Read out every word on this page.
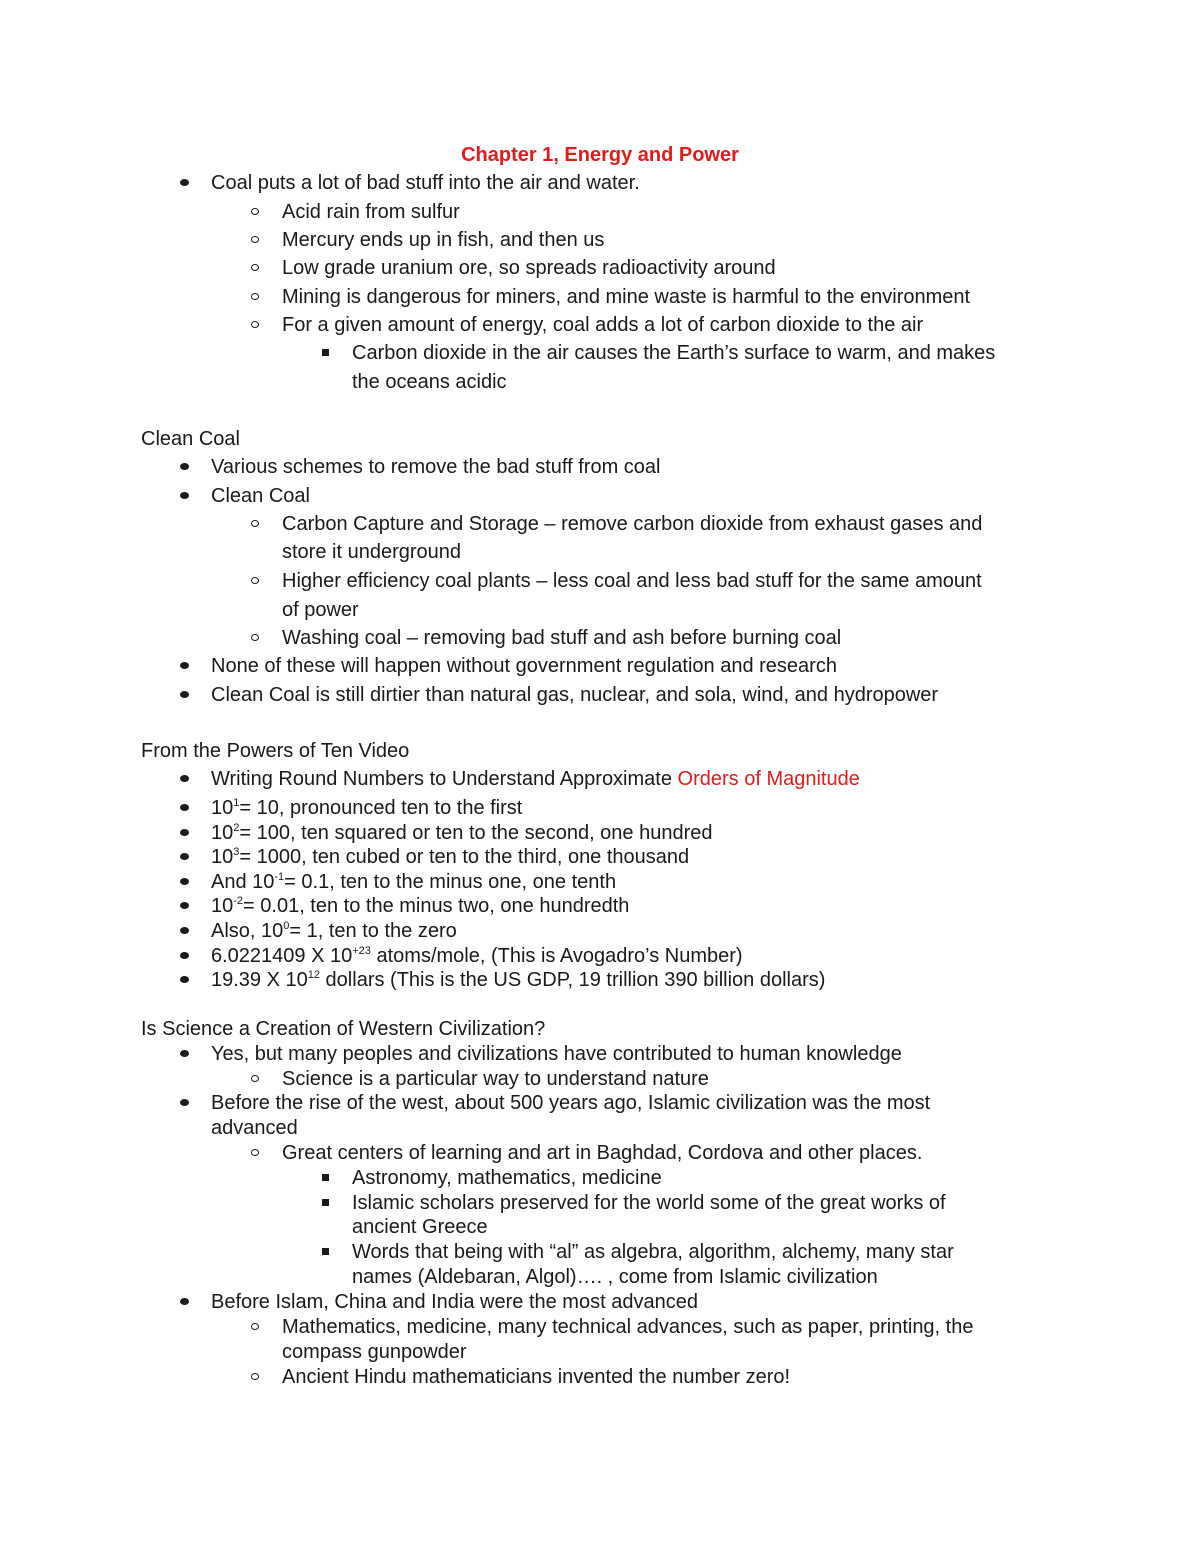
Chapter 1, Energy and Power
Coal puts a lot of bad stuff into the air and water.
Acid rain from sulfur
Mercury ends up in fish, and then us
Low grade uranium ore, so spreads radioactivity around
Mining is dangerous for miners, and mine waste is harmful to the environment
For a given amount of energy, coal adds a lot of carbon dioxide to the air
Carbon dioxide in the air causes the Earth’s surface to warm, and makes
the oceans acidic
Clean Coal
Various schemes to remove the bad stuff from coal
Clean Coal
Carbon Capture and Storage – remove carbon dioxide from exhaust gases and
store it underground
Higher efficiency coal plants – less coal and less bad stuff for the same amount
of power
Washing coal – removing bad stuff and ash before burning coal
None of these will happen without government regulation and research
Clean Coal is still dirtier than natural gas, nuclear, and sola, wind, and hydropower
From the Powers of Ten Video
Writing Round Numbers to Understand Approximate Orders of Magnitude
$10^1= 10$, pronounced ten to the first
$10^2= 100$, ten squared or ten to the second, one hundred
$10^3= 1000$, ten cubed or ten to the third, one thousand
And $10^{-1}= 0.1$, ten to the minus one, one tenth
$10^{-2}= 0.01$, ten to the minus two, one hundredth
Also, $10^0= 1$, ten to the zero
6.0221409 X $10^{+23}$ atoms/mole, (This is Avogadro’s Number)
19.39 X $10^{12}$ dollars (This is the US GDP, 19 trillion 390 billion dollars)
Is Science a Creation of Western Civilization?
Yes, but many peoples and civilizations have contributed to human knowledge
Science is a particular way to understand nature
Before the rise of the west, about 500 years ago, Islamic civilization was the most
advanced
Great centers of learning and art in Baghdad, Cordova and other places.
Astronomy, mathematics, medicine
Islamic scholars preserved for the world some of the great works of
ancient Greece
Words that being with “al” as algebra, algorithm, alchemy, many star
names (Aldebaran, Algol)…. , come from Islamic civilization
Before Islam, China and India were the most advanced
Mathematics, medicine, many technical advances, such as paper, printing, the
compass gunpowder
Ancient Hindu mathematicians invented the number zero!
